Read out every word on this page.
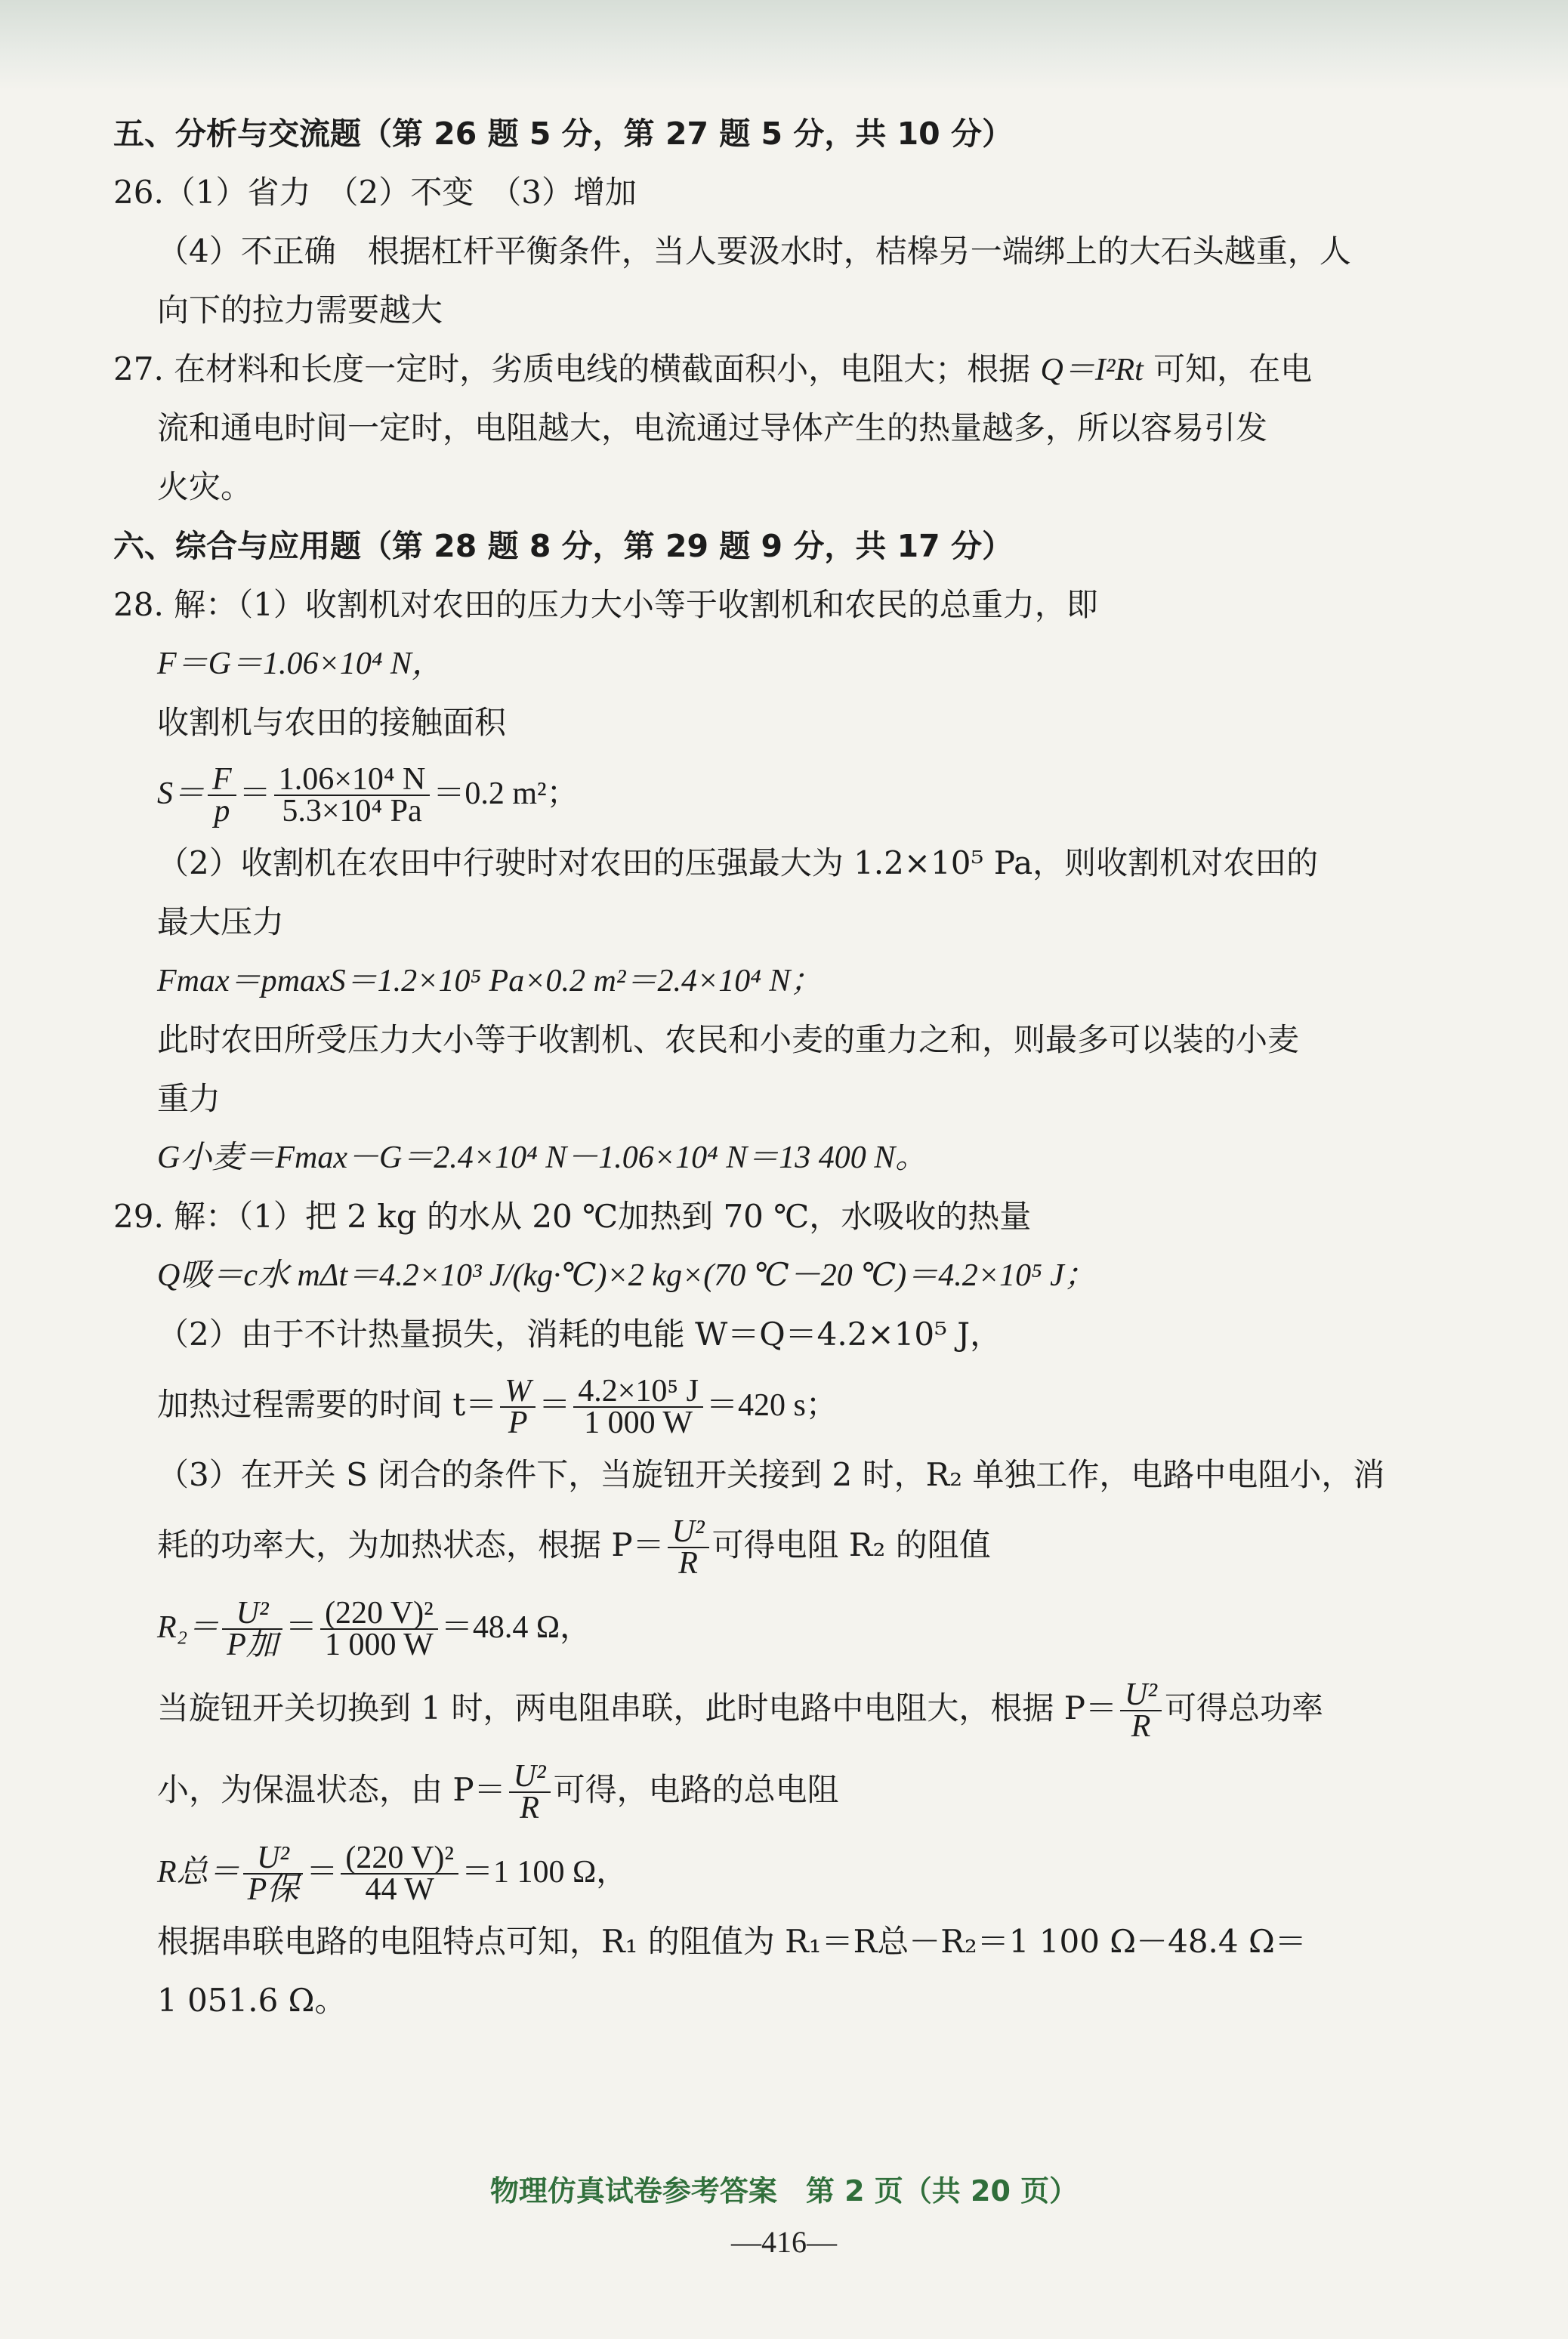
五、分析与交流题（第 26 题 5 分，第 27 题 5 分，共 10 分）
26.（1）省力　（2）不变　（3）增加
（4）不正确　根据杠杆平衡条件，当人要汲水时，桔槔另一端绑上的大石头越重，人
向下的拉力需要越大
27. 在材料和长度一定时，劣质电线的横截面积小，电阻大；根据 Q＝I²Rt 可知，在电
流和通电时间一定时，电阻越大，电流通过导体产生的热量越多，所以容易引发
火灾。
六、综合与应用题（第 28 题 8 分，第 29 题 9 分，共 17 分）
28. 解：（1）收割机对农田的压力大小等于收割机和农民的总重力，即
F＝G＝1.06×10⁴ N，
收割机与农田的接触面积
$S= \frac{F}{p} = \frac{\text{1.06×10⁴ N}}{\text{5.3×10⁴ Pa}} =0.2$ m²；
（2）收割机在农田中行驶时对农田的压强最大为 1.2×10⁵ Pa，则收割机对农田的
最大压力
Fmax＝pmaxS＝1.2×10⁵ Pa×0.2 m²＝2.4×10⁴ N；
此时农田所受压力大小等于收割机、农民和小麦的重力之和，则最多可以装的小麦
重力
G小麦＝Fmax－G＝2.4×10⁴ N－1.06×10⁴ N＝13 400 N。
29. 解：（1）把 2 kg 的水从 20 ℃加热到 70 ℃，水吸收的热量
Q吸＝c水 mΔt＝4.2×10³ J/(kg·℃)×2 kg×(70 ℃－20 ℃)＝4.2×10⁵ J；
（2）由于不计热量损失，消耗的电能 W＝Q＝4.2×10⁵ J，
加热过程需要的时间 $t= \frac{W}{P} = \frac{\text{4.2×10⁵ J}}{1 000 W} =420$ s；
（3）在开关 S 闭合的条件下，当旋钮开关接到 2 时，R₂ 单独工作，电路中电阻小，消
耗的功率大，为加热状态，根据 $P= \frac{\text{U²}}{R}$ 可得电阻 R₂ 的阻值
$R_2= \frac{\text{U²}}{\text{P加}} = \frac{\text{(220 V)²}}{1 000 W} =48.4$ Ω，
当旋钮开关切换到 1 时，两电阻串联，此时电路中电阻大，根据 $P= \frac{\text{U²}}{R}$ 可得总功率
小，为保温状态，由 $P= \frac{\text{U²}}{R}$ 可得，电路的总电阻
R总＝ $\frac{\text{U²}}{\text{P保}} = \frac{\text{(220 V)²}}{44 W} =1$ 100 Ω，
根据串联电路的电阻特点可知，R₁ 的阻值为 R₁＝R总－R₂＝1 100 Ω－48.4 Ω＝
1 051.6 Ω。
物理仿真试卷参考答案　第 2 页（共 20 页）
—416—
